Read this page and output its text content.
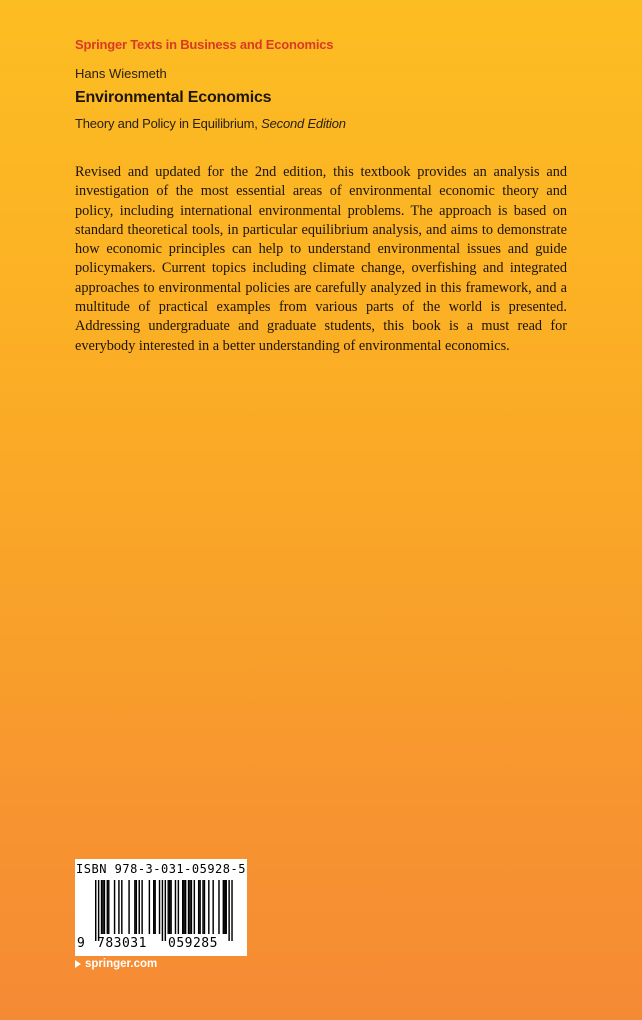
Springer Texts in Business and Economics
Hans Wiesmeth
Environmental Economics
Theory and Policy in Equilibrium, Second Edition

Revised and updated for the 2nd edition, this textbook provides an analysis and investigation of the most essential areas of environmental economic theory and policy, including international environmental problems. The approach is based on standard theoretical tools, in particular equilibrium analysis, and aims to demonstrate how economic principles can help to understand environmental issues and guide policymakers. Current topics including climate change, overfishing and integrated approaches to environmental policies are carefully analyzed in this framework, and a multitude of practical examples from various parts of the world is presented. Addressing undergraduate and graduate students, this book is a must read for everybody interested in a better understanding of environmental economics.

ISBN 978-3-031-05928-5
9 783031 059285
springer.com
